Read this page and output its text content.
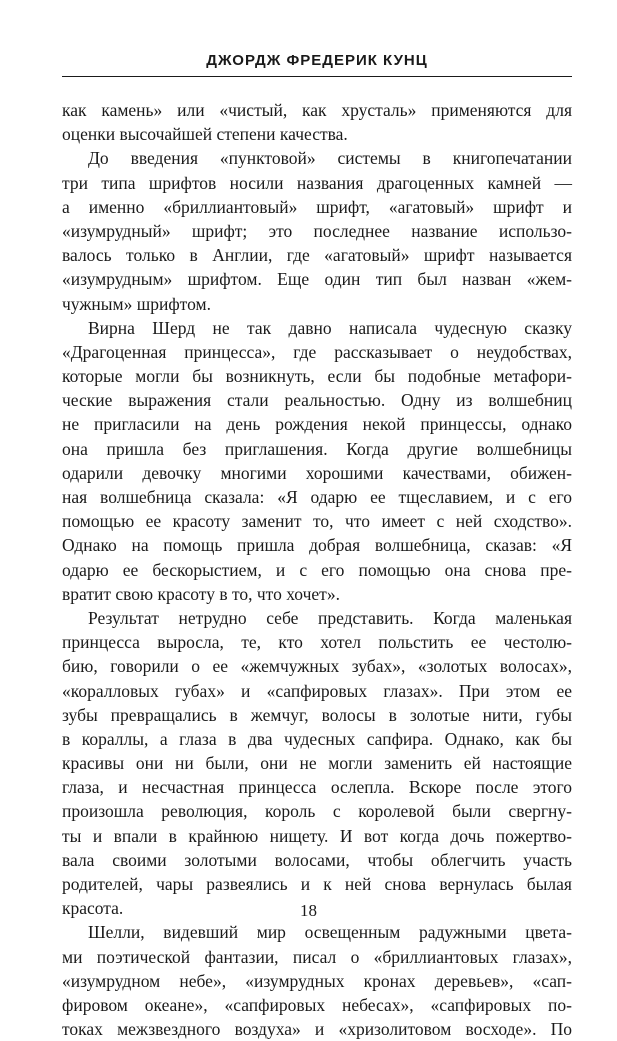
ДЖОРДЖ ФРЕДЕРИК КУНЦ
как камень» или «чистый, как хрусталь» применяются для
оценки высочайшей степени качества.
До введения «пунктовой» системы в книгопечатании
три типа шрифтов носили названия драгоценных камней —
а именно «бриллиантовый» шрифт, «агатовый» шрифт и
«изумрудный» шрифт; это последнее название использо-
валось только в Англии, где «агатовый» шрифт называется
«изумрудным» шрифтом. Еще один тип был назван «жем-
чужным» шрифтом.
Вирна Шерд не так давно написала чудесную сказку
«Драгоценная принцесса», где рассказывает о неудобствах,
которые могли бы возникнуть, если бы подобные метафори-
ческие выражения стали реальностью. Одну из волшебниц
не пригласили на день рождения некой принцессы, однако
она пришла без приглашения. Когда другие волшебницы
одарили девочку многими хорошими качествами, обижен-
ная волшебница сказала: «Я одарю ее тщеславием, и с его
помощью ее красоту заменит то, что имеет с ней сходство».
Однако на помощь пришла добрая волшебница, сказав: «Я
одарю ее бескорыстием, и с его помощью она снова пре-
вратит свою красоту в то, что хочет».
Результат нетрудно себе представить. Когда маленькая
принцесса выросла, те, кто хотел польстить ее честолю-
бию, говорили о ее «жемчужных зубах», «золотых волосах»,
«коралловых губах» и «сапфировых глазах». При этом ее
зубы превращались в жемчуг, волосы в золотые нити, губы
в кораллы, а глаза в два чудесных сапфира. Однако, как бы
красивы они ни были, они не могли заменить ей настоящие
глаза, и несчастная принцесса ослепла. Вскоре после этого
произошла революция, король с королевой были свергну-
ты и впали в крайнюю нищету. И вот когда дочь пожертво-
вала своими золотыми волосами, чтобы облегчить участь
родителей, чары развеялись и к ней снова вернулась былая
красота.
Шелли, видевший мир освещенным радужными цвета-
ми поэтической фантазии, писал о «бриллиантовых глазах»,
«изумрудном небе», «изумрудных кронах деревьев», «сап-
фировом океане», «сапфировых небесах», «сапфировых по-
токах межзвездного воздуха» и «хризолитовом восходе». По
18
